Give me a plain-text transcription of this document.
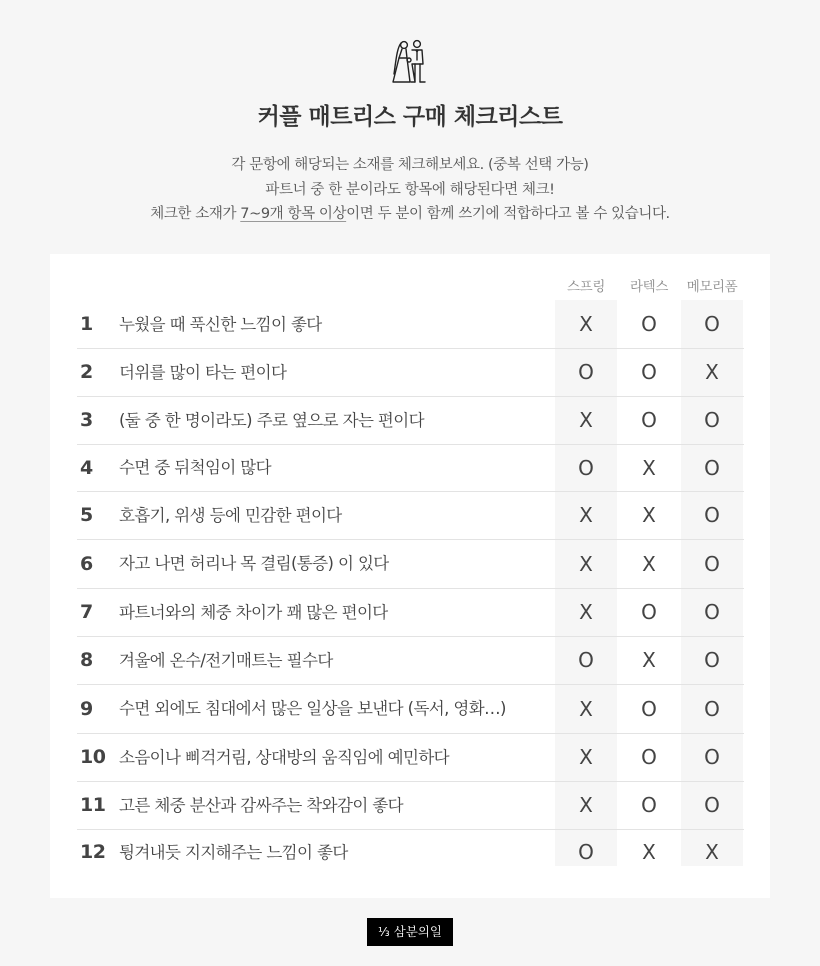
커플 매트리스 구매 체크리스트
각 문항에 해당되는 소재를 체크해보세요. (중복 선택 가능)
파트너 중 한 분이라도 항목에 해당된다면 체크!
체크한 소재가 7~9개 항목 이상이면 두 분이 함께 쓰기에 적합하다고 볼 수 있습니다.
스프링	라텍스	메모리폼
1 누웠을 때 푹신한 느낌이 좋다	X	O	O
2 더위를 많이 타는 편이다	O	O	X
3 (둘 중 한 명이라도) 주로 옆으로 자는 편이다	X	O	O
4 수면 중 뒤척임이 많다	O	X	O
5 호흡기, 위생 등에 민감한 편이다	X	X	O
6 자고 나면 허리나 목 결림(통증) 이 있다	X	X	O
7 파트너와의 체중 차이가 꽤 많은 편이다	X	O	O
8 겨울에 온수/전기매트는 필수다	O	X	O
9 수면 외에도 침대에서 많은 일상을 보낸다 (독서, 영화…)	X	O	O
10 소음이나 삐걱거림, 상대방의 움직임에 예민하다	X	O	O
11 고른 체중 분산과 감싸주는 착와감이 좋다	X	O	O
12 튕겨내듯 지지해주는 느낌이 좋다	O	X	X
⅓ 삼분의일
